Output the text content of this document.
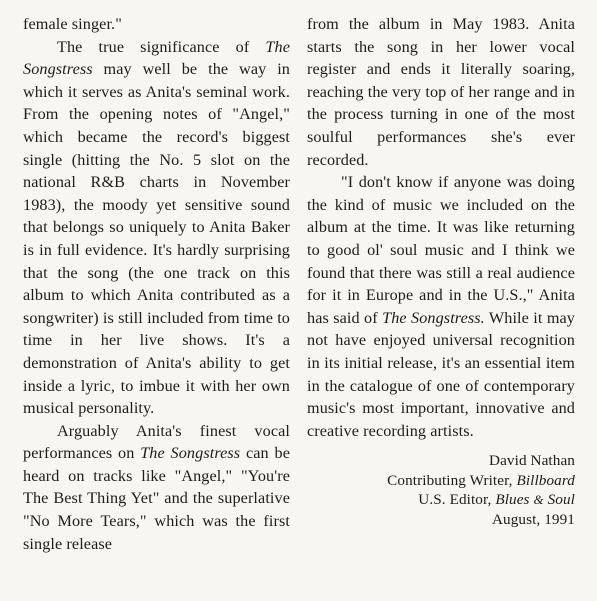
female singer."

The true significance of The Songstress may well be the way in which it serves as Anita's seminal work. From the opening notes of "Angel," which became the record's biggest single (hitting the No. 5 slot on the national R&B charts in November 1983), the moody yet sensitive sound that belongs so uniquely to Anita Baker is in full evidence. It's hardly surprising that the song (the one track on this album to which Anita contributed as a songwriter) is still included from time to time in her live shows. It's a demonstration of Anita's ability to get inside a lyric, to imbue it with her own musical personality.

Arguably Anita's finest vocal performances on The Songstress can be heard on tracks like "Angel," "You're The Best Thing Yet" and the superlative "No More Tears," which was the first single release

from the album in May 1983. Anita starts the song in her lower vocal register and ends it literally soaring, reaching the very top of her range and in the process turning in one of the most soulful performances she's ever recorded.

"I don't know if anyone was doing the kind of music we included on the album at the time. It was like returning to good ol' soul music and I think we found that there was still a real audience for it in Europe and in the U.S.," Anita has said of The Songstress. While it may not have enjoyed universal recognition in its initial release, it's an essential item in the catalogue of one of contemporary music's most important, innovative and creative recording artists.

David Nathan
Contributing Writer, Billboard
U.S. Editor, Blues & Soul
August, 1991
